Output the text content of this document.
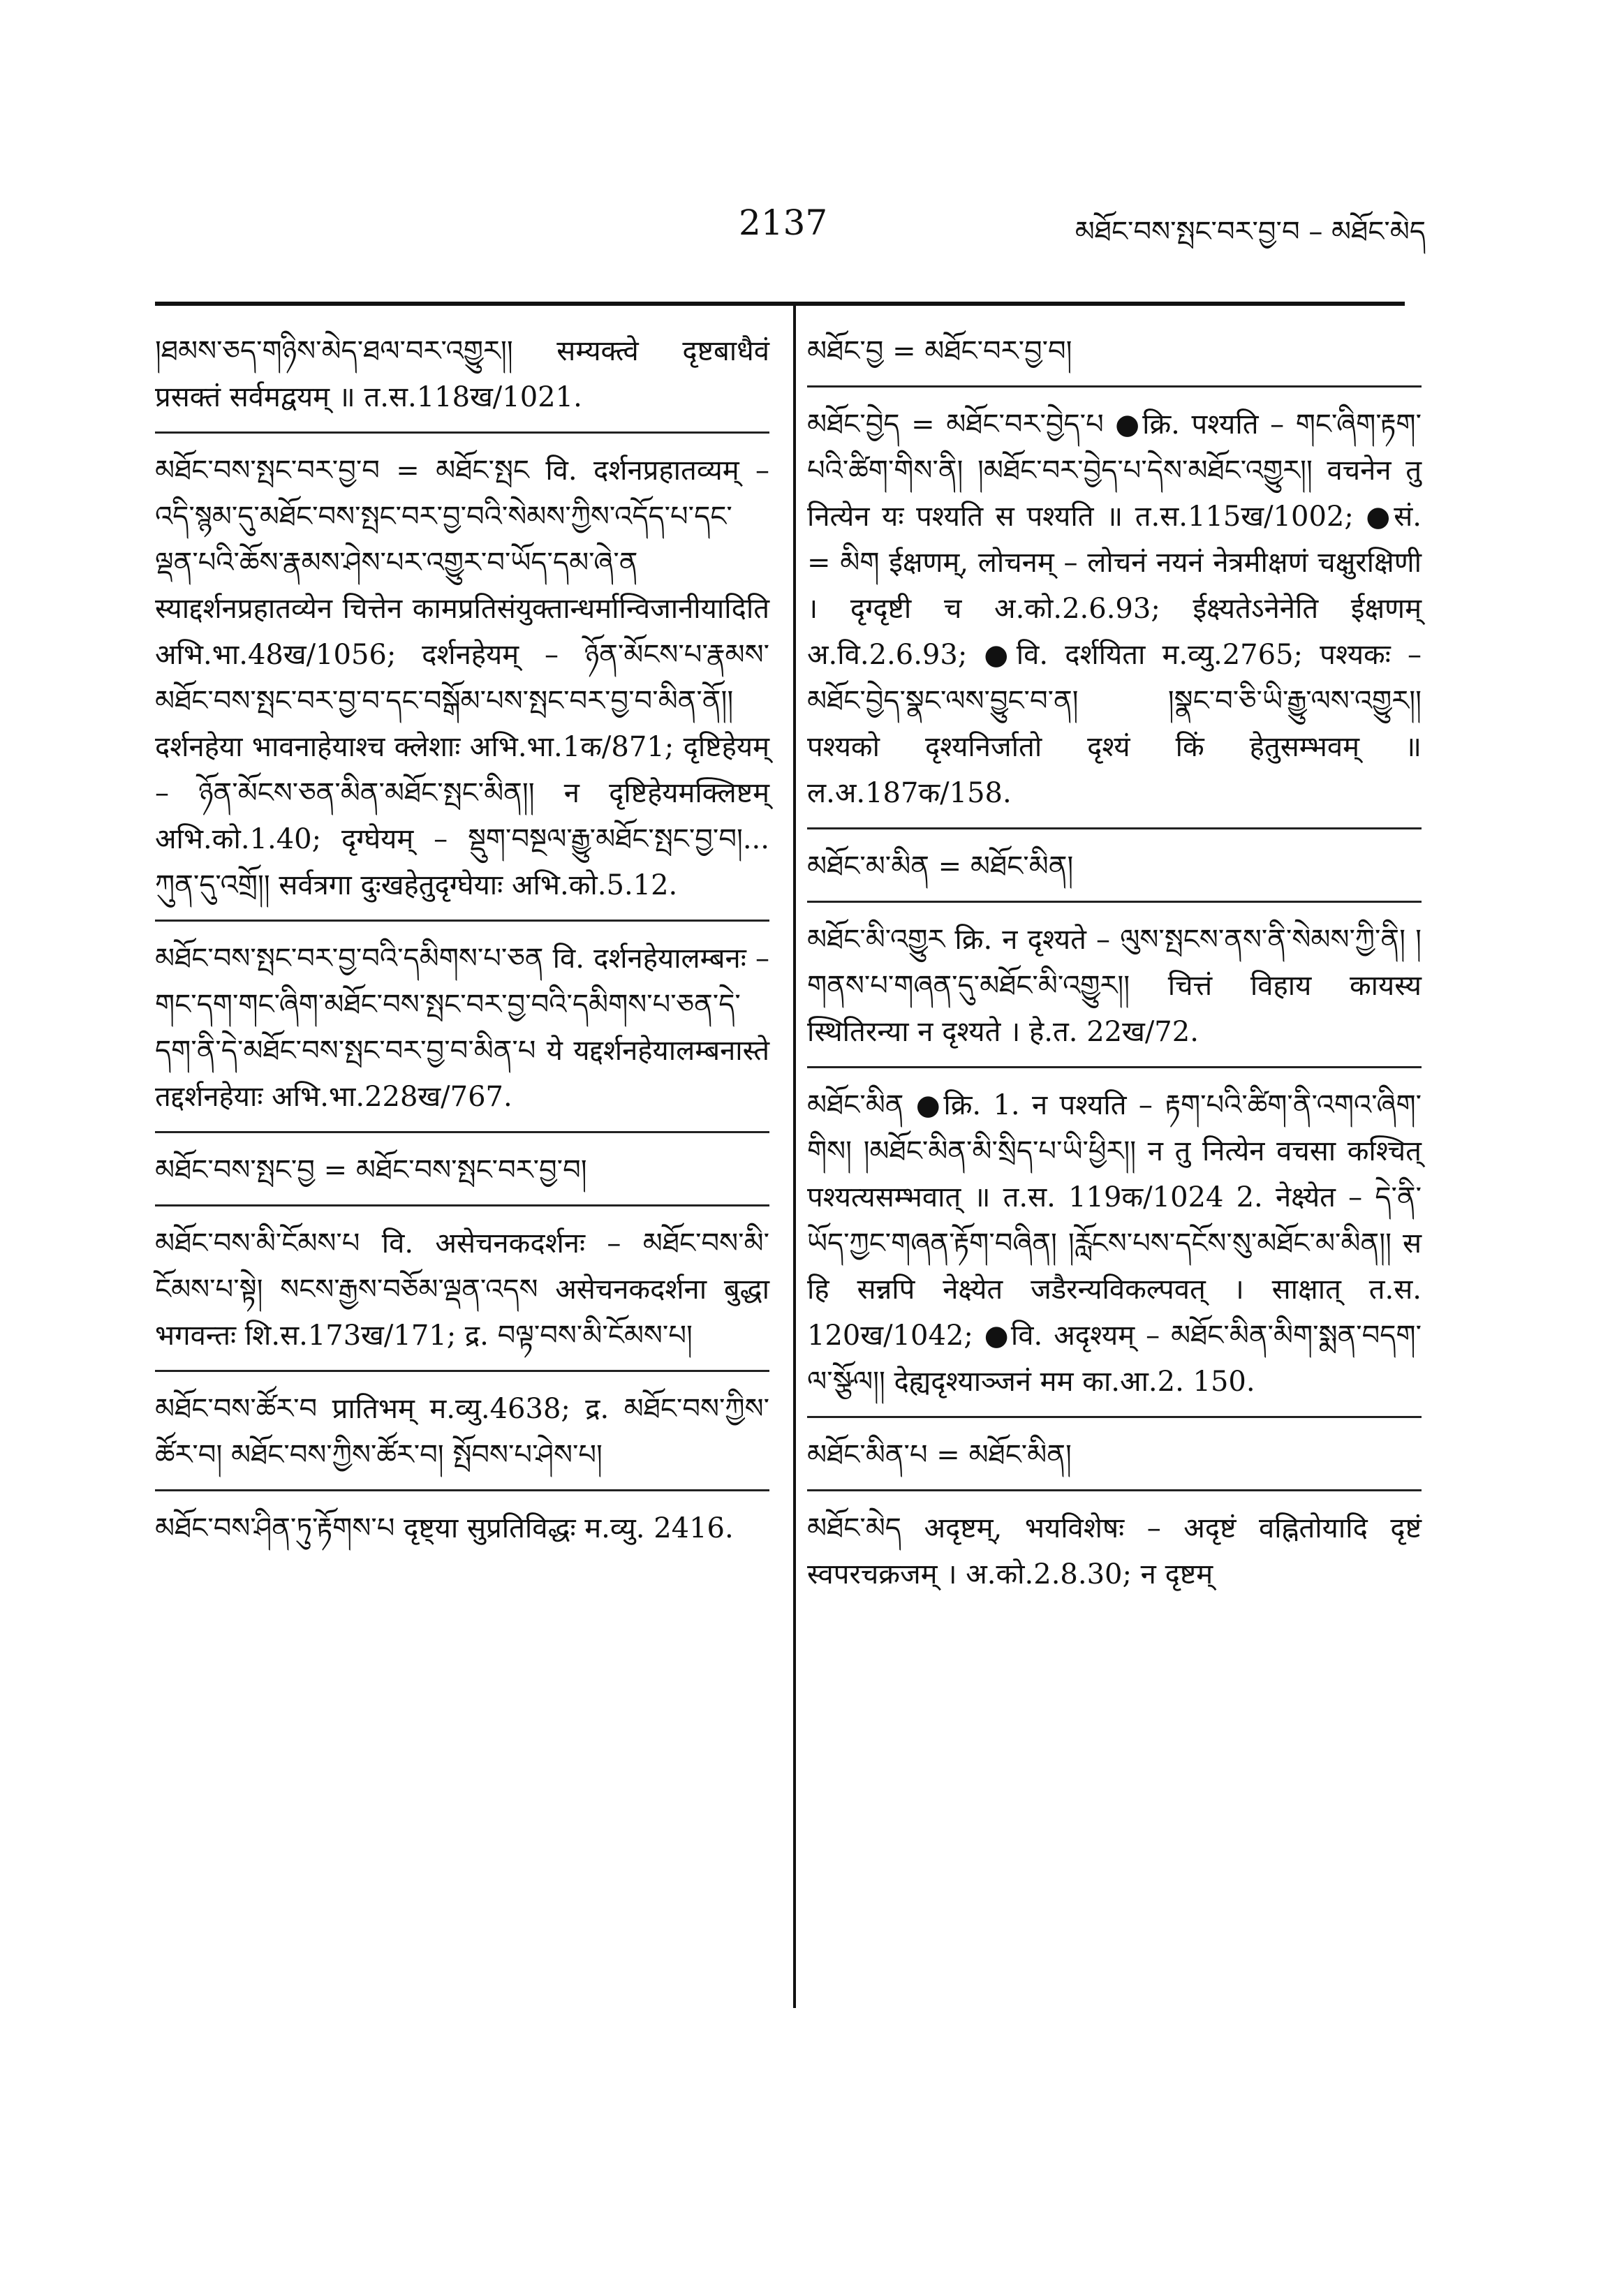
2137	མཐོང་བས་སྤང་བར་བྱ་བ – མཐོང་མེད
།ཐམས་ཅད་གཉིས་མེད་ཐལ་བར་འགྱུར།། सम्यक्त्वे दृष्टबाधैवं प्रसक्तं सर्वमद्वयम् ॥ त.स.118ख/1021.
མཐོང་བས་སྤང་བར་བྱ་བ = མཐོང་སྤང वि. दर्शनप्रहातव्यम् – འདི་སྙམ་དུ་མཐོང་བས་སྤང་བར་བྱ་བའི་སེམས་ཀྱིས་འདོད་པ་དང་ལྡན་པའི་ཆོས་རྣམས་ཤེས་པར་འགྱུར་བ་ཡོད་དམ་ཞེ་ན स्याद्दर्शनप्रहातव्येन चित्तेन कामप्रतिसंयुक्तान्धर्मान्विजानीयादिति अभि.भा.48ख/1056; दर्शनहेयम् – ཉོན་མོངས་པ་རྣམས་མཐོང་བས་སྤང་བར་བྱ་བ་དང་བསྒོམ་པས་སྤང་བར་བྱ་བ་མིན་ནོ།། दर्शनहेया भावनाहेयाश्च क्लेशाः अभि.भा.1क/871; दृष्टिहेयम् – ཉོན་མོངས་ཅན་མིན་མཐོང་སྤང་མིན།། न दृष्टिहेयमक्लिष्टम् अभि.को.1.40; दृग्घेयम् – སྡུག་བསྔལ་རྒྱུ་མཐོང་སྤང་བྱ་བ།... ཀུན་དུ་འགྲོ།། सर्वत्रगा दुःखहेतुदृग्घेयाः अभि.को.5.12.
མཐོང་བས་སྤང་བར་བྱ་བའི་དམིགས་པ་ཅན वि. दर्शनहेयालम्बनः – གང་དག་གང་ཞིག་མཐོང་བས་སྤང་བར་བྱ་བའི་དམིགས་པ་ཅན་དེ་དག་ནི་དེ་མཐོང་བས་སྤང་བར་བྱ་བ་མིན་པ ये यद्दर्शनहेयालम्बनास्ते तद्दर्शनहेयाः अभि.भा.228ख/767.
མཐོང་བས་སྤང་བྱ = མཐོང་བས་སྤང་བར་བྱ་བ།
མཐོང་བས་མི་ངོམས་པ वि. असेचनकदर्शनः – མཐོང་བས་མི་ངོམས་པ་སྟེ། སངས་རྒྱས་བཅོམ་ལྡན་འདས असेचनकदर्शना बुद्धा भगवन्तः शि.स.173ख/171; द्र. བལྟ་བས་མི་ངོམས་པ།
མཐོང་བས་ཚོར་བ प्रातिभम् म.व्यु.4638; द्र. མཐོང་བས་ཀྱིས་ཚོར་བ། མཐོང་བས་ཀྱིས་ཚོར་བ། སྤོབས་པ་ཤེས་པ།
མཐོང་བས་ཤིན་ཏུ་རྟོགས་པ दृष्ट्या सुप्रतिविद्धः म.व्यु. 2416.
མཐོང་བྱ = མཐོང་བར་བྱ་བ།
མཐོང་བྱེད = མཐོང་བར་བྱེད་པ ●क्रि. पश्यति – གང་ཞིག་རྟག་པའི་ཚིག་གིས་ནི། །མཐོང་བར་བྱེད་པ་དེས་མཐོང་འགྱུར།། वचनेन तु नित्येन यः पश्यति स पश्यति ॥ त.स.115ख/1002; ●सं. = མིག ईक्षणम्, लोचनम् – लोचनं नयनं नेत्रमीक्षणं चक्षुरक्षिणी । दृग्दृष्टी च अ.को.2.6.93; ईक्ष्यतेऽनेनेति ईक्षणम् अ.वि.2.6.93; ●वि. दर्शयिता म.व्यु.2765; पश्यकः – མཐོང་བྱེད་སྣང་ལས་བྱུང་བ་ན། །སྣང་བ་ཅི་ཡི་རྒྱུ་ལས་འགྱུར།། पश्यको दृश्यनिर्जातो दृश्यं किं हेतुसम्भवम् ॥ ल.अ.187क/158.
མཐོང་མ་མིན = མཐོང་མིན།
མཐོང་མི་འགྱུར क्रि. न दृश्यते – ལུས་སྤངས་ནས་ནི་སེམས་ཀྱི་ནི། །གནས་པ་གཞན་དུ་མཐོང་མི་འགྱུར།། चित्तं विहाय कायस्य स्थितिरन्या न दृश्यते । हे.त. 22ख/72.
མཐོང་མིན ●क्रि. 1. न पश्यति – རྟག་པའི་ཚིག་ནི་འགའ་ཞིག་གིས། །མཐོང་མིན་མི་སྲིད་པ་ཡི་ཕྱིར།། न तु नित्येन वचसा कश्चित् पश्यत्यसम्भवात् ॥ त.स. 119क/1024 2. नेक्ष्येत – དེ་ནི་ཡོད་ཀྱང་གཞན་རྟོག་བཞིན། །རློངས་པས་དངོས་སུ་མཐོང་མ་མིན།། स हि सन्नपि नेक्ष्येत जडैरन्यविकल्पवत् । साक्षात् त.स. 120ख/1042; ●वि. अदृश्यम् – མཐོང་མིན་མིག་སྨན་བདག་ལ་སྩོལ།། देह्यदृश्याञ्जनं मम का.आ.2. 150.
མཐོང་མིན་པ = མཐོང་མིན།
མཐོང་མེད अदृष्टम्, भयविशेषः – अदृष्टं वह्नितोयादि दृष्टं स्वपरचक्रजम् । अ.को.2.8.30; न दृष्टम्
